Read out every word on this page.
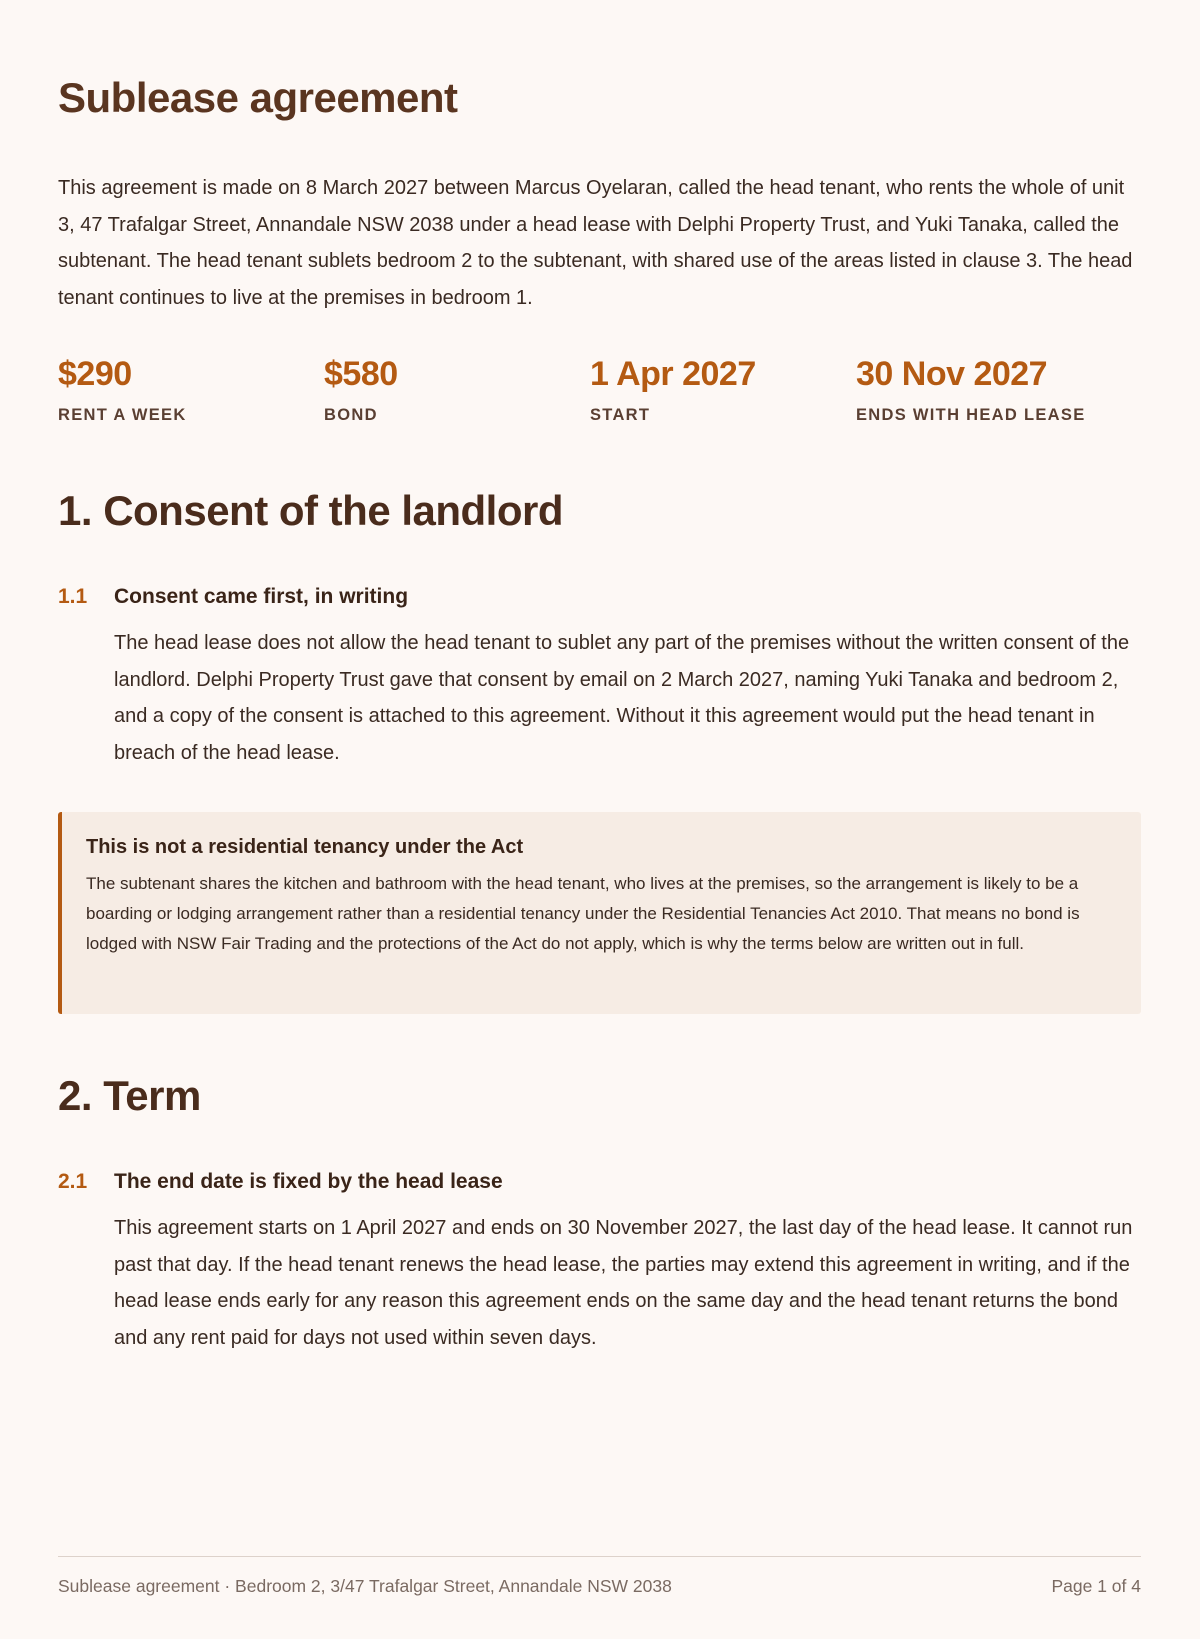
Sublease agreement

This agreement is made on 8 March 2027 between Marcus Oyelaran, called the head tenant, who rents the whole of unit 3, 47 Trafalgar Street, Annandale NSW 2038 under a head lease with Delphi Property Trust, and Yuki Tanaka, called the subtenant. The head tenant sublets bedroom 2 to the subtenant, with shared use of the areas listed in clause 3. The head tenant continues to live at the premises in bedroom 1.

$290
RENT A WEEK
$580
BOND
1 Apr 2027
START
30 Nov 2027
ENDS WITH HEAD LEASE
1. Consent of the landlord
1.1 Consent came first, in writing

The head lease does not allow the head tenant to sublet any part of the premises without the written consent of the landlord. Delphi Property Trust gave that consent by email on 2 March 2027, naming Yuki Tanaka and bedroom 2, and a copy of the consent is attached to this agreement. Without it this agreement would put the head tenant in breach of the head lease.

This is not a residential tenancy under the Act

The subtenant shares the kitchen and bathroom with the head tenant, who lives at the premises, so the arrangement is likely to be a boarding or lodging arrangement rather than a residential tenancy under the Residential Tenancies Act 2010. That means no bond is lodged with NSW Fair Trading and the protections of the Act do not apply, which is why the terms below are written out in full.

2. Term
2.1 The end date is fixed by the head lease

This agreement starts on 1 April 2027 and ends on 30 November 2027, the last day of the head lease. It cannot run past that day. If the head tenant renews the head lease, the parties may extend this agreement in writing, and if the head lease ends early for any reason this agreement ends on the same day and the head tenant returns the bond and any rent paid for days not used within seven days.

Sublease agreement · Bedroom 2, 3/47 Trafalgar Street, Annandale NSW 2038	Page 1 of 4
